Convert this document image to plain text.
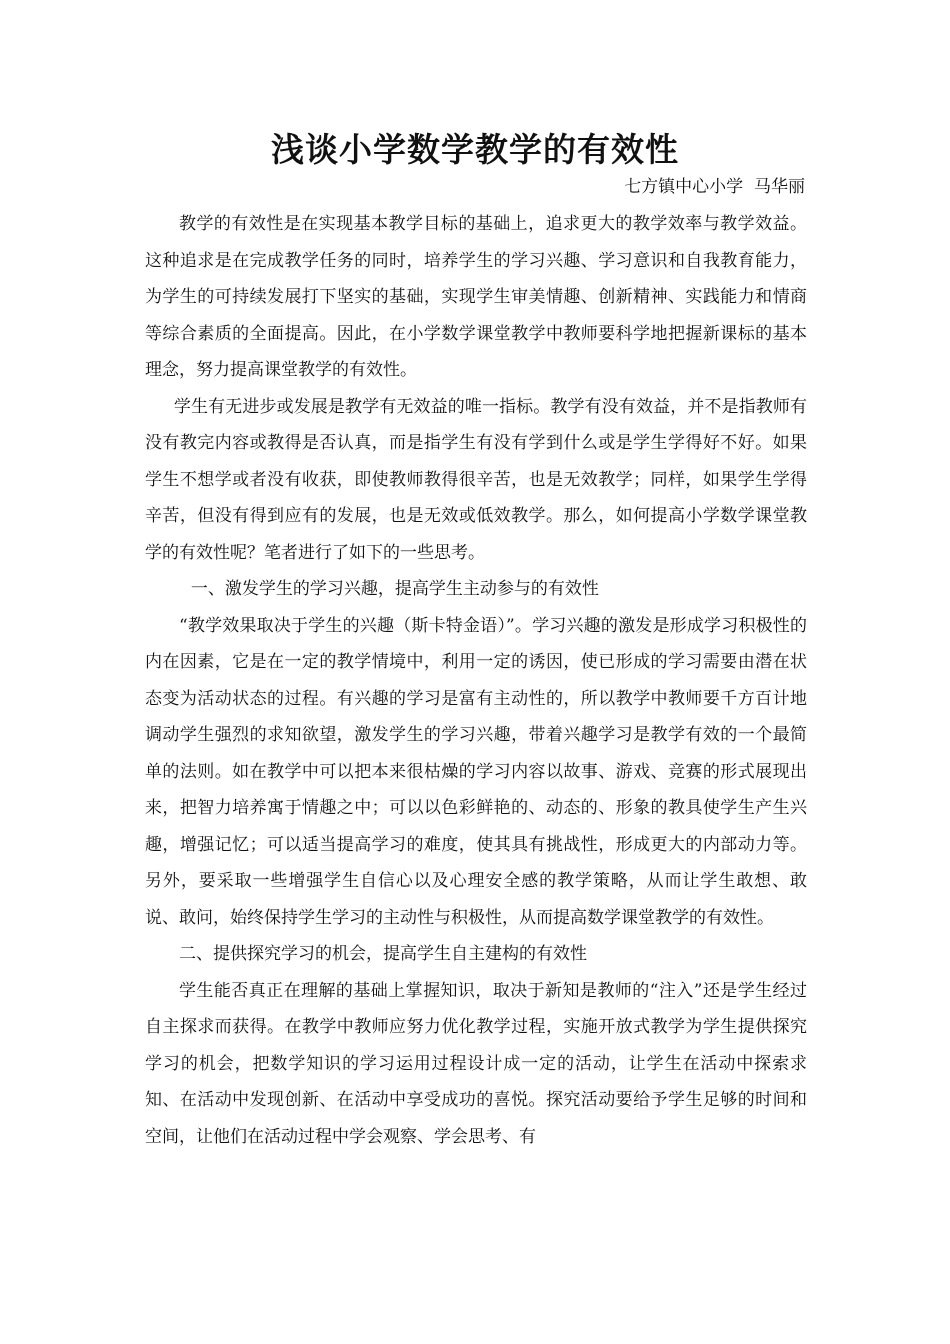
浅谈小学数学教学的有效性

七方镇中心小学  马华丽

教学的有效性是在实现基本教学目标的基础上，追求更大的教学效率与教学效益。这种追求是在完成教学任务的同时，培养学生的学习兴趣、学习意识和自我教育能力，为学生的可持续发展打下坚实的基础，实现学生审美情趣、创新精神、实践能力和情商等综合素质的全面提高。因此，在小学数学课堂教学中教师要科学地把握新课标的基本理念，努力提高课堂教学的有效性。

学生有无进步或发展是教学有无效益的唯一指标。教学有没有效益，并不是指教师有没有教完内容或教得是否认真，而是指学生有没有学到什么或是学生学得好不好。如果学生不想学或者没有收获，即使教师教得很辛苦，也是无效教学；同样，如果学生学得辛苦，但没有得到应有的发展，也是无效或低效教学。那么，如何提高小学数学课堂教学的有效性呢？笔者进行了如下的一些思考。

一、激发学生的学习兴趣，提高学生主动参与的有效性

“教学效果取决于学生的兴趣（斯卡特金语）”。学习兴趣的激发是形成学习积极性的内在因素，它是在一定的教学情境中，利用一定的诱因，使已形成的学习需要由潜在状态变为活动状态的过程。有兴趣的学习是富有主动性的，所以教学中教师要千方百计地调动学生强烈的求知欲望，激发学生的学习兴趣，带着兴趣学习是教学有效的一个最简单的法则。如在教学中可以把本来很枯燥的学习内容以故事、游戏、竞赛的形式展现出来，把智力培养寓于情趣之中；可以以色彩鲜艳的、动态的、形象的教具使学生产生兴趣，增强记忆；可以适当提高学习的难度，使其具有挑战性，形成更大的内部动力等。另外，要采取一些增强学生自信心以及心理安全感的教学策略，从而让学生敢想、敢说、敢问，始终保持学生学习的主动性与积极性，从而提高数学课堂教学的有效性。

二、提供探究学习的机会，提高学生自主建构的有效性

学生能否真正在理解的基础上掌握知识，取决于新知是教师的“注入”还是学生经过自主探求而获得。在教学中教师应努力优化教学过程，实施开放式教学为学生提供探究学习的机会，把数学知识的学习运用过程设计成一定的活动，让学生在活动中探索求知、在活动中发现创新、在活动中享受成功的喜悦。探究活动要给予学生足够的时间和空间，让他们在活动过程中学会观察、学会思考、有
